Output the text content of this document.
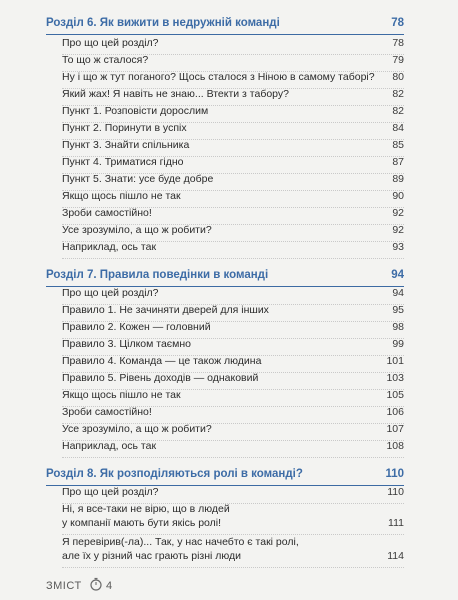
Розділ 6. Як вижити в недружній команді	78
Про що цей розділ?	78
То що ж сталося?	79
Ну і що ж тут поганого? Щось сталося з Ніною в самому таборі? 80
Який жах! Я навіть не знаю... Втекти з табору?	82
Пункт 1. Розповісти дорослим	82
Пункт 2. Поринути в успіх	84
Пункт 3. Знайти спільника	85
Пункт 4. Триматися гідно	87
Пункт 5. Знати: усе буде добре	89
Якщо щось пішло не так	90
Зроби самостійно!	92
Усе зрозуміло, а що ж робити?	92
Наприклад, ось так	93
Розділ 7. Правила поведінки в команді	94
Про що цей розділ?	94
Правило 1. Не зачиняти дверей для інших	95
Правило 2. Кожен — головний	98
Правило 3. Цілком таємно	99
Правило 4. Команда — це також людина	101
Правило 5. Рівень доходів — однаковий	103
Якщо щось пішло не так	105
Зроби самостійно!	106
Усе зрозуміло, а що ж робити?	107
Наприклад, ось так	108
Розділ 8. Як розподіляються ролі в команді?	110
Про що цей розділ?	110
Ні, я все-таки не вірю, що в людей
у компанії мають бути якісь ролі!	111
Я перевірив(-ла)... Так, у нас начебто є такі ролі,
але їх у різний час грають різні люди	114
ЗМІСТ 4
